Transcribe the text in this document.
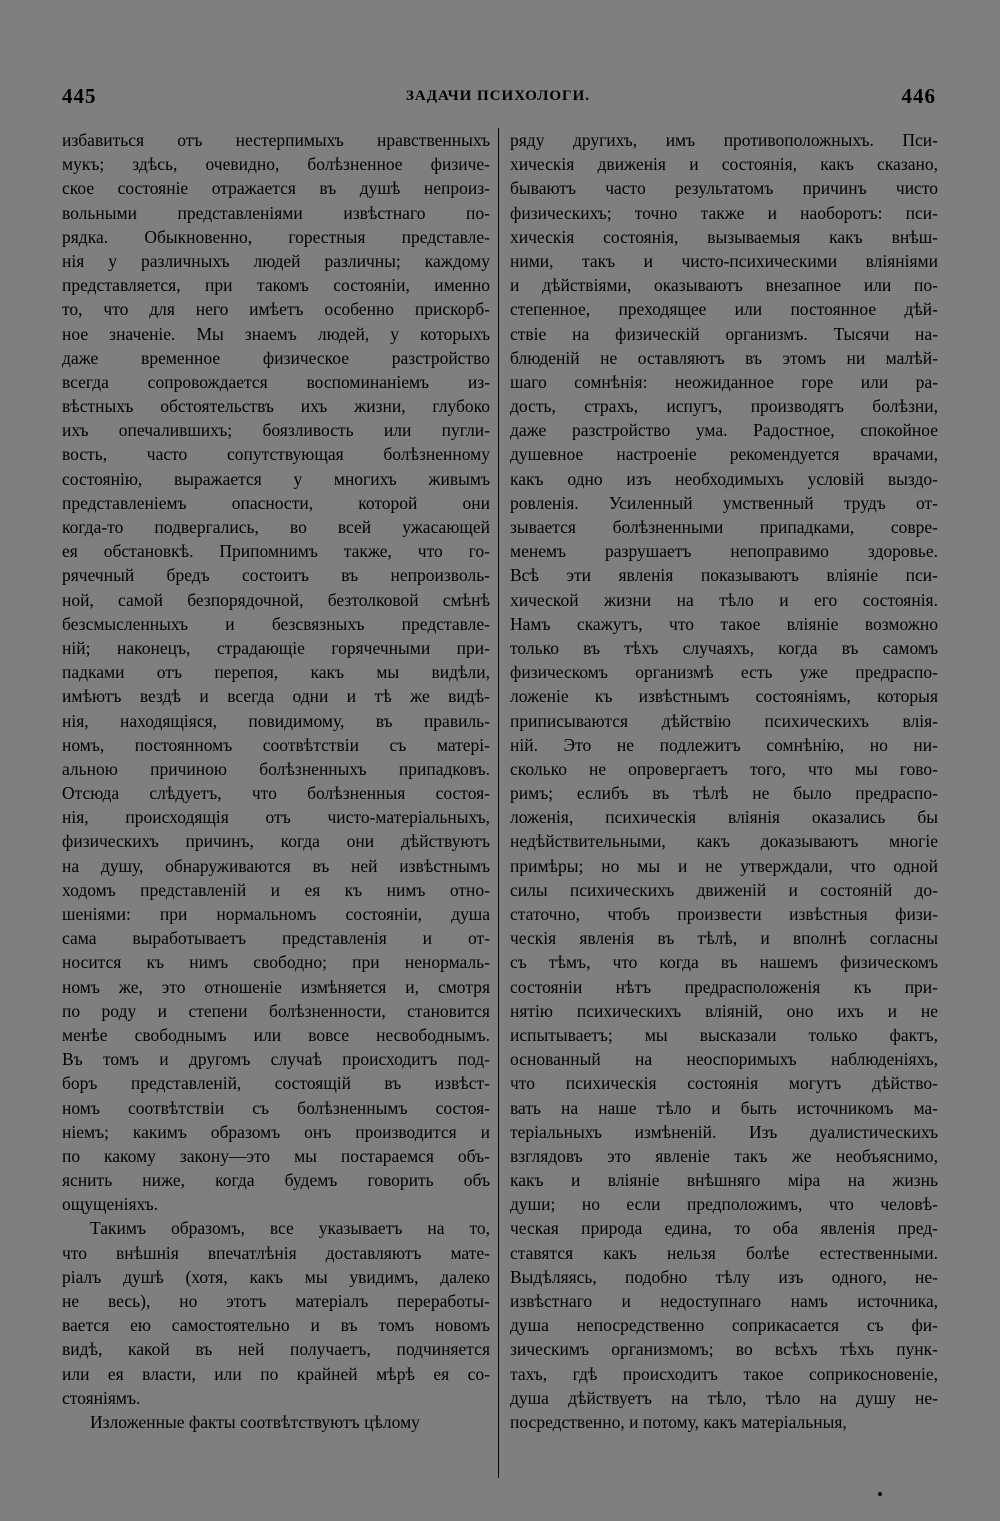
445	ЗАДАЧИ ПСИХОЛОГИ.	446
избавиться отъ нестерпимыхъ нравственныхъ
мукъ; здѣсь, очевидно, болѣзненное физиче-
ское состояніе отражается въ душѣ непроиз-
вольными представленіями извѣстнаго по-
рядка. Обыкновенно, горестныя представле-
нія у различныхъ людей различны; каждому
представляется, при такомъ состояніи, именно
то, что для него имѣетъ особенно прискорб-
ное значеніе. Мы знаемъ людей, у которыхъ
даже временное физическое разстройство
всегда сопровождается воспоминаніемъ из-
вѣстныхъ обстоятельствъ ихъ жизни, глубоко
ихъ опечалившихъ; боязливость или пугли-
вость, часто сопутствующая болѣзненному
состоянію, выражается у многихъ живымъ
представленіемъ опасности, которой они
когда-то подвергались, во всей ужасающей
ея обстановкѣ. Припомнимъ также, что го-
рячечный бредъ состоитъ въ непроизволь-
ной, самой безпорядочной, безтолковой смѣнѣ
безсмысленныхъ и безсвязныхъ представле-
ній; наконецъ, страдающіе горячечными при-
падками отъ перепоя, какъ мы видѣли,
имѣютъ вездѣ и всегда одни и тѣ же видѣ-
нія, находящіяся, повидимому, въ правиль-
номъ, постоянномъ соотвѣтствіи съ матері-
альною причиною болѣзненныхъ припадковъ.
Отсюда слѣдуетъ, что болѣзненныя состоя-
нія, происходящія отъ чисто-матеріальныхъ,
физическихъ причинъ, когда они дѣйствуютъ
на душу, обнаруживаются въ ней извѣстнымъ
ходомъ представленій и ея къ нимъ отно-
шеніями: при нормальномъ состояніи, душа
сама выработываетъ представленія и от-
носится къ нимъ свободно; при ненормаль-
номъ же, это отношеніе измѣняется и, смотря
по роду и степени болѣзненности, становится
менѣе свободнымъ или вовсе несвободнымъ.
Въ томъ и другомъ случаѣ происходитъ под-
боръ представленій, состоящій въ извѣст-
номъ соотвѣтствіи съ болѣзненнымъ состоя-
ніемъ; какимъ образомъ онъ производится и
по какому закону—это мы постараемся объ-
яснить ниже, когда будемъ говорить объ
ощущеніяхъ.
Такимъ образомъ, все указываетъ на то,
что внѣшнія впечатлѣнія доставляютъ мате-
ріалъ душѣ (хотя, какъ мы увидимъ, далеко
не весь), но этотъ матеріалъ переработы-
вается ею самостоятельно и въ томъ новомъ
видѣ, какой въ ней получаетъ, подчиняется
или ея власти, или по крайней мѣрѣ ея со-
стояніямъ.
Изложенные факты соотвѣтствуютъ цѣлому
ряду другихъ, имъ противоположныхъ. Пси-
хическія движенія и состоянія, какъ сказано,
бываютъ часто результатомъ причинъ чисто
физическихъ; точно также и наоборотъ: пси-
хическія состоянія, вызываемыя какъ внѣш-
ними, такъ и чисто-психическими вліяніями
и дѣйствіями, оказываютъ внезапное или по-
степенное, преходящее или постоянное дѣй-
ствіе на физическій организмъ. Тысячи на-
блюденій не оставляютъ въ этомъ ни малѣй-
шаго сомнѣнія: неожиданное горе или ра-
дость, страхъ, испугъ, производятъ болѣзни,
даже разстройство ума. Радостное, спокойное
душевное настроеніе рекомендуется врачами,
какъ одно изъ необходимыхъ условій выздо-
ровленія. Усиленный умственный трудъ от-
зывается болѣзненными припадками, совре-
менемъ разрушаетъ непоправимо здоровье.
Всѣ эти явленія показываютъ вліяніе пси-
хической жизни на тѣло и его состоянія.
Намъ скажутъ, что такое вліяніе возможно
только въ тѣхъ случаяхъ, когда въ самомъ
физическомъ организмѣ есть уже предраспо-
ложеніе къ извѣстнымъ состояніямъ, которыя
приписываются дѣйствію психическихъ влія-
ній. Это не подлежитъ сомнѣнію, но ни-
сколько не опровергаетъ того, что мы гово-
римъ; еслибъ въ тѣлѣ не было предраспо-
ложенія, психическія вліянія оказались бы
недѣйствительными, какъ доказываютъ многіе
примѣры; но мы и не утверждали, что одной
силы психическихъ движеній и состояній до-
статочно, чтобъ произвести извѣстныя физи-
ческія явленія въ тѣлѣ, и вполнѣ согласны
съ тѣмъ, что когда въ нашемъ физическомъ
состояніи нѣтъ предрасположенія къ при-
нятію психическихъ вліяній, оно ихъ и не
испытываетъ; мы высказали только фактъ,
основанный на неоспоримыхъ наблюденіяхъ,
что психическія состоянія могутъ дѣйство-
вать на наше тѣло и быть источникомъ ма-
теріальныхъ измѣненій. Изъ дуалистическихъ
взглядовъ это явленіе такъ же необъяснимо,
какъ и вліяніе внѣшняго міра на жизнь
души; но если предположимъ, что человѣ-
ческая природа едина, то оба явленія пред-
ставятся какъ нельзя болѣе естественными.
Выдѣляясь, подобно тѣлу изъ одного, не-
извѣстнаго и недоступнаго намъ источника,
душа непосредственно соприкасается съ фи-
зическимъ организмомъ; во всѣхъ тѣхъ пунк-
тахъ, гдѣ происходитъ такое соприкосновеніе,
душа дѣйствуетъ на тѣло, тѣло на душу не-
посредственно, и потому, какъ матеріальныя,
